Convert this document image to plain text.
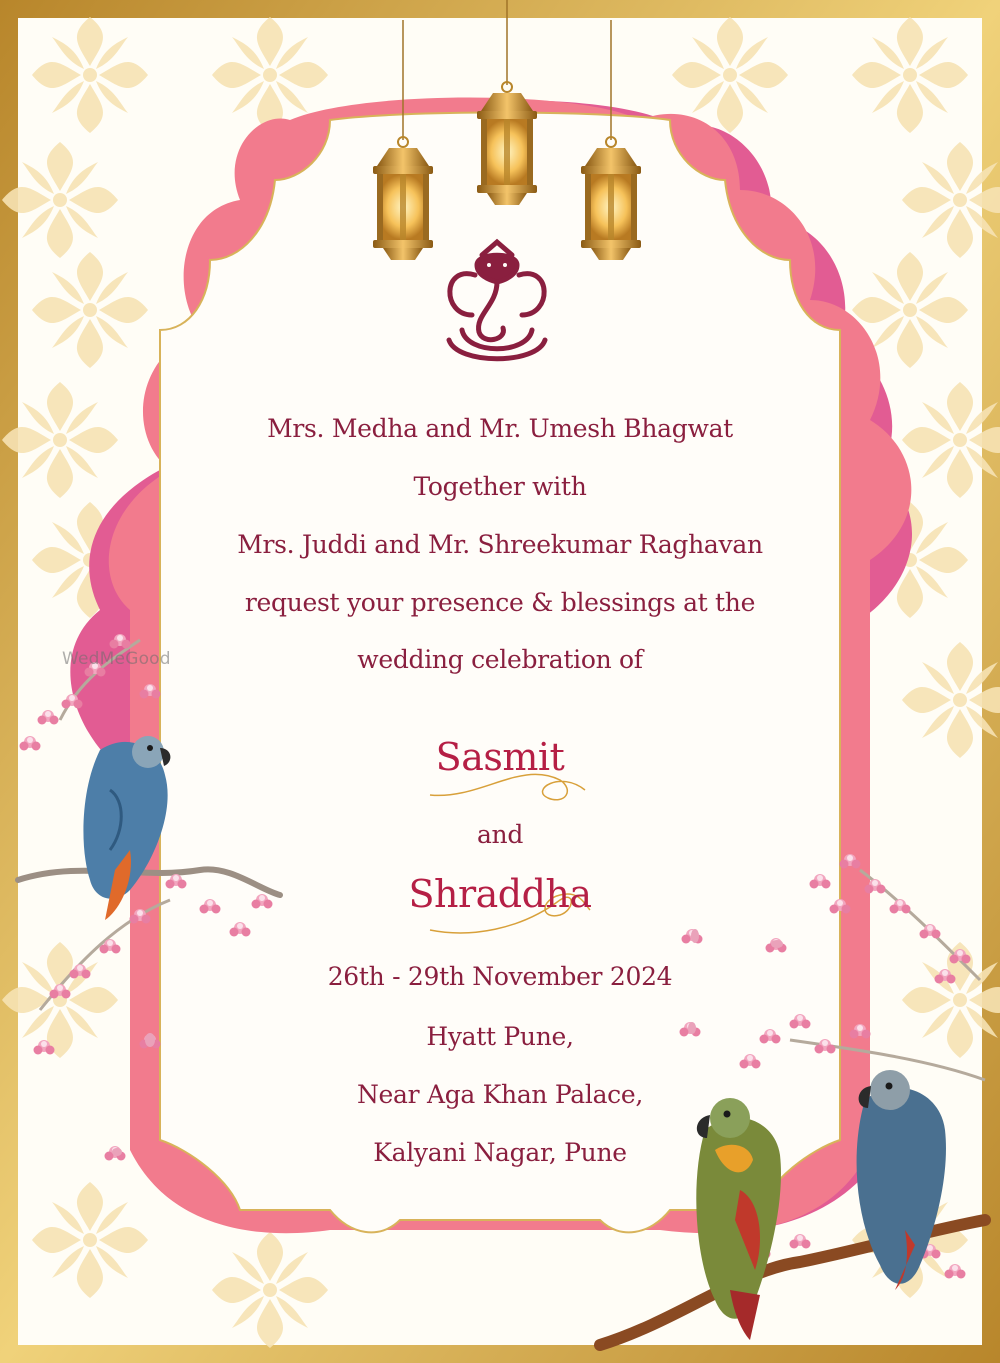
Mrs. Medha and Mr. Umesh Bhagwat
Together with
Mrs. Juddi and Mr. Shreekumar Raghavan
request your presence & blessings at the
wedding celebration of
Sasmit
and
Shraddha
26th - 29th November 2024
Hyatt Pune,
Near Aga Khan Palace,
Kalyani Nagar, Pune
WedMeGood
